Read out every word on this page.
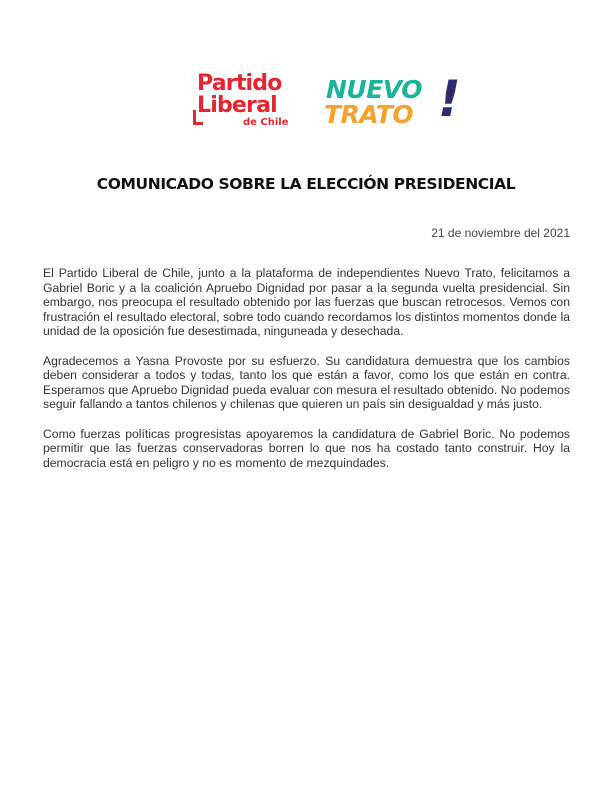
Partido
Liberal
de Chile
NUEVO
TRATO !
COMUNICADO SOBRE LA ELECCIÓN PRESIDENCIAL
21 de noviembre del 2021

El Partido Liberal de Chile, junto a la plataforma de independientes Nuevo Trato, felicitamos a Gabriel Boric y a la coalición Apruebo Dignidad por pasar a la segunda vuelta presidencial. Sin embargo, nos preocupa el resultado obtenido por las fuerzas que buscan retrocesos. Vemos con frustración el resultado electoral, sobre todo cuando recordamos los distintos momentos donde la unidad de la oposición fue desestimada, ninguneada y desechada.

Agradecemos a Yasna Provoste por su esfuerzo. Su candidatura demuestra que los cambios deben considerar a todos y todas, tanto los que están a favor, como los que están en contra. Esperamos que Apruebo Dignidad pueda evaluar con mesura el resultado obtenido. No podemos seguir fallando a tantos chilenos y chilenas que quieren un país sin desigualdad y más justo.

Como fuerzas políticas progresistas apoyaremos la candidatura de Gabriel Boric. No podemos permitir que las fuerzas conservadoras borren lo que nos ha costado tanto construir. Hoy la democracia está en peligro y no es momento de mezquindades.
